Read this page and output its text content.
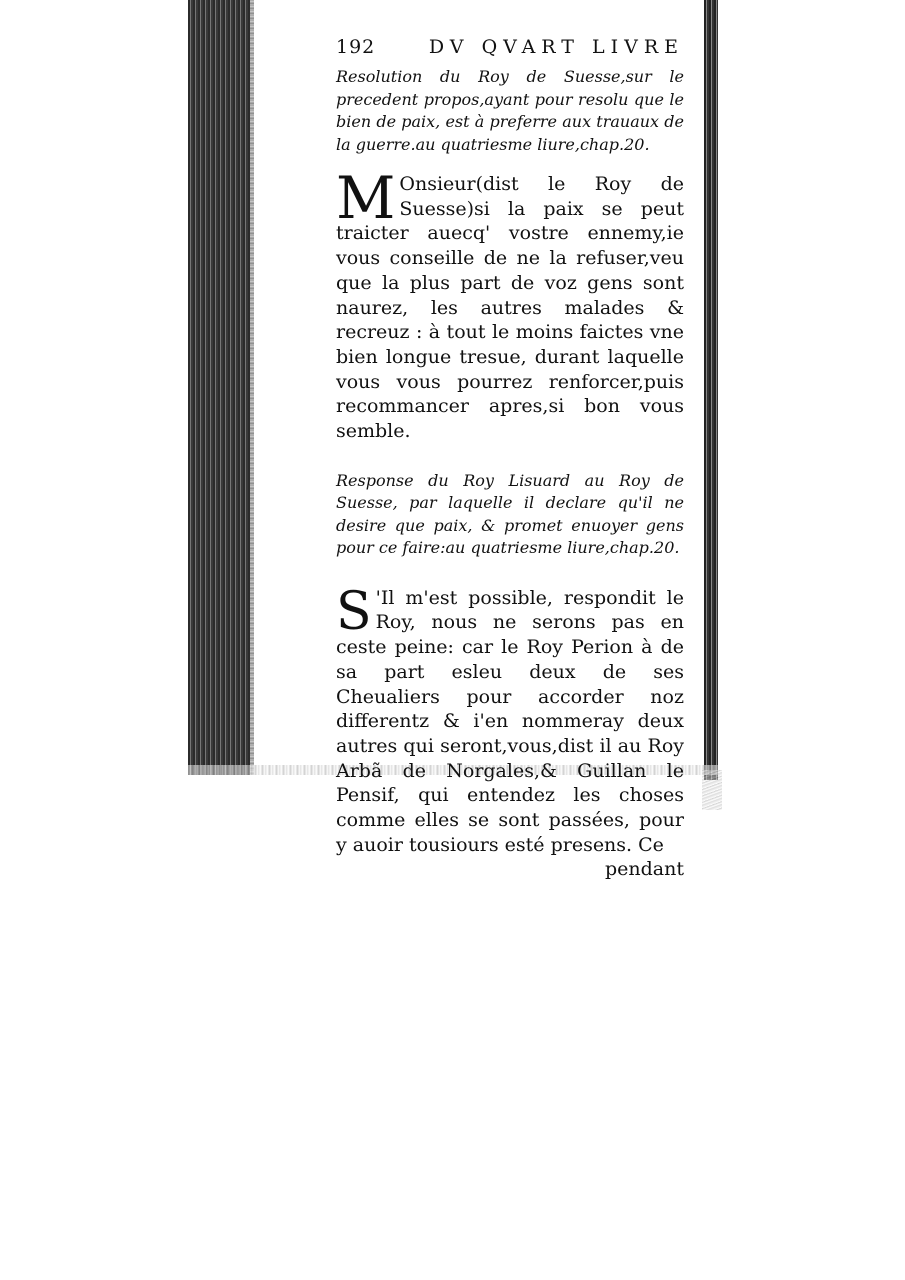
192	DV QVART LIVRE

Resolution du Roy de Suesse,sur le precedent propos,ayant pour resolu que le bien de paix, est à preferre aux trauaux de la guerre.au quatriesme liure,chap.20.

M Onsieur(dist le Roy de Suesse)si la paix se peut traicter auecq' vostre ennemy,ie vous conseille de ne la refuser,veu que la plus part de voz gens sont naurez, les autres malades & recreuz : à tout le moins faictes vne bien longue tresue, durant laquelle vous vous pourrez renforcer,puis recommancer apres,si bon vous semble.

Response du Roy Lisuard au Roy de Suesse, par laquelle il declare qu'il ne desire que paix, & promet enuoyer gens pour ce faire:au quatriesme liure,chap.20.

S 'Il m'est possible, respondit le Roy, nous ne serons pas en ceste peine: car le Roy Perion à de sa part esleu deux de ses Cheualiers pour accorder noz differentz & i'en nommeray deux autres qui seront,vous,dist il au Roy Arbã de Norgales,& Guillan le Pensif, qui entendez les choses comme elles se sont passées, pour y auoir tousiours esté presens. Ce

pendant
